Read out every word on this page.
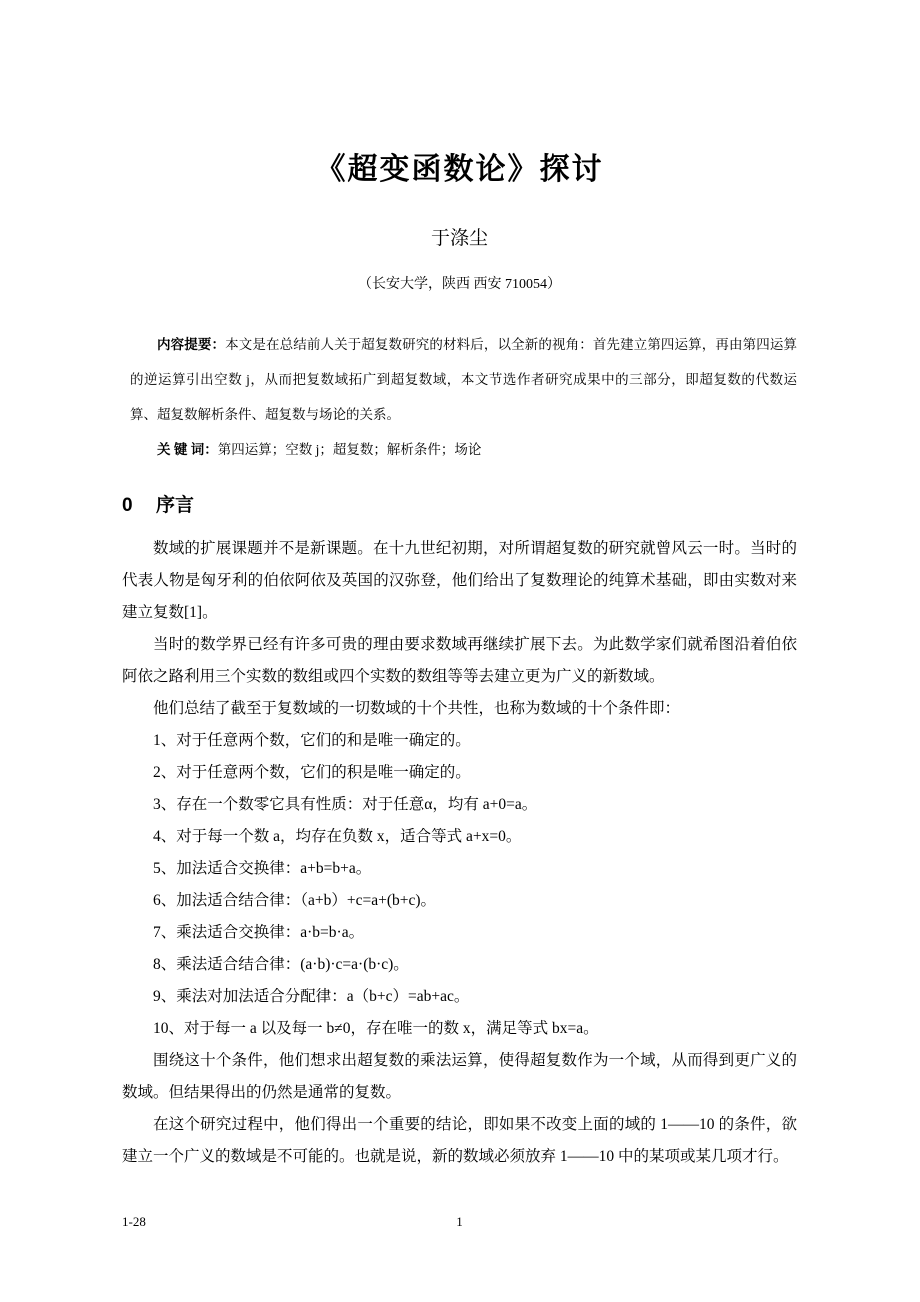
《超变函数论》探讨
于涤尘
（长安大学，陕西 西安 710054）

内容提要：本文是在总结前人关于超复数研究的材料后，以全新的视角：首先建立第四运算，再由第四运算的逆运算引出空数 j，从而把复数域拓广到超复数域，本文节选作者研究成果中的三部分，即超复数的代数运算、超复数解析条件、超复数与场论的关系。

关 键 词：第四运算；空数 j；超复数；解析条件；场论

0 序言

数域的扩展课题并不是新课题。在十九世纪初期，对所谓超复数的研究就曾风云一时。当时的代表人物是匈牙利的伯依阿依及英国的汉弥登，他们给出了复数理论的纯算术基础，即由实数对来建立复数[1]。

当时的数学界已经有许多可贵的理由要求数域再继续扩展下去。为此数学家们就希图沿着伯依阿依之路利用三个实数的数组或四个实数的数组等等去建立更为广义的新数域。

他们总结了截至于复数域的一切数域的十个共性，也称为数域的十个条件即：

1、对于任意两个数，它们的和是唯一确定的。

2、对于任意两个数，它们的积是唯一确定的。

3、存在一个数零它具有性质：对于任意α，均有 a+0=a。

4、对于每一个数 a，均存在负数 x，适合等式 a+x=0。

5、加法适合交换律：a+b=b+a。

6、加法适合结合律：（a+b）+c=a+(b+c)。

7、乘法适合交换律：a·b=b·a。

8、乘法适合结合律：(a·b)·c=a·(b·c)。

9、乘法对加法适合分配律：a（b+c）=ab+ac。

10、对于每一 a 以及每一 b≠0，存在唯一的数 x，满足等式 bx=a。

围绕这十个条件，他们想求出超复数的乘法运算，使得超复数作为一个域，从而得到更广义的数域。但结果得出的仍然是通常的复数。

在这个研究过程中，他们得出一个重要的结论，即如果不改变上面的域的 1——10 的条件，欲建立一个广义的数域是不可能的。也就是说，新的数域必须放弃 1——10 中的某项或某几项才行。

1-28	1
